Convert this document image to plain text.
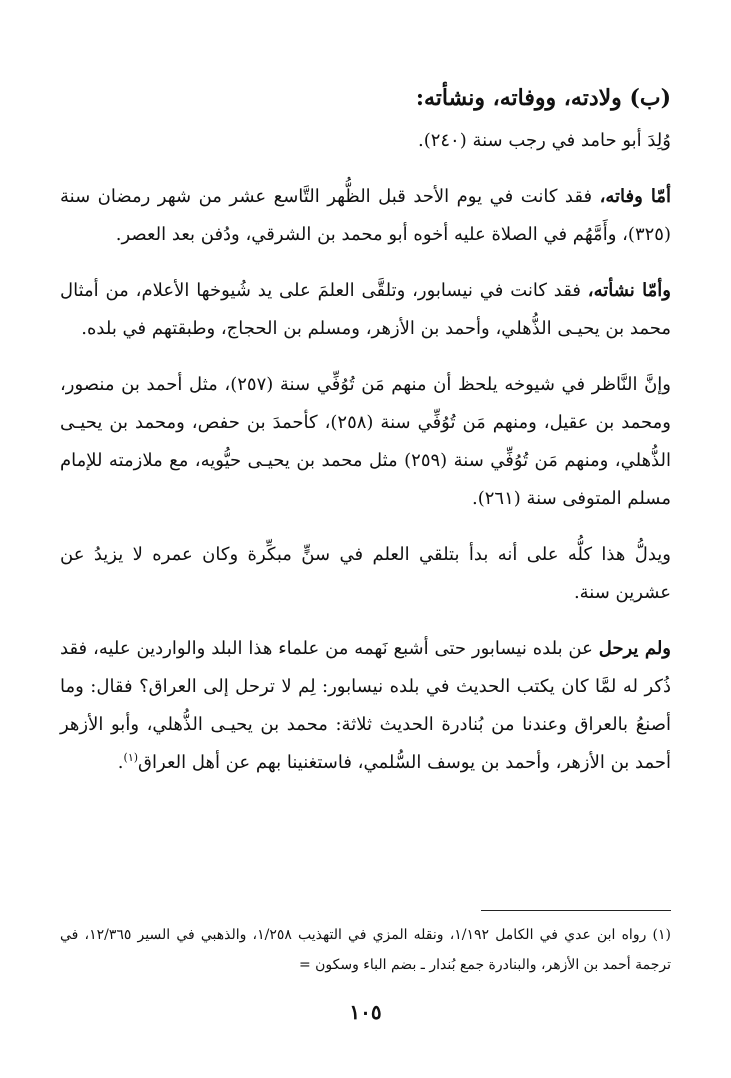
(ب) ولادته، ووفاته، ونشأته:

وُلِدَ أبو حامد في رجب سنة (٢٤٠).

أمّا وفاته، فقد كانت في يوم الأحد قبل الظُّهر التَّاسع عشر من شهر رمضان سنة (٣٢٥)، وأَمَّهُم في الصلاة عليه أخوه أبو محمد بن الشرقي، ودُفن بعد العصر.

وأمّا نشأته، فقد كانت في نيسابور، وتلقَّى العلمَ على يد شُيوخها الأعلام، من أمثال محمد بن يحيـى الذُّهلي، وأحمد بن الأزهر، ومسلم بن الحجاج، وطبقتهم في بلده.

وإنَّ النَّاظر في شيوخه يلحظ أن منهم مَن تُوُفِّي سنة (٢٥٧)، مثل أحمد بن منصور، ومحمد بن عقيل، ومنهم مَن تُوُفِّي سنة (٢٥٨)، كأحمدَ بن حفص، ومحمد بن يحيـى الذُّهلي، ومنهم مَن تُوُفِّي سنة (٢٥٩) مثل محمد بن يحيـى حيُّويه، مع ملازمته للإمام مسلم المتوفى سنة (٢٦١).

ويدلُّ هذا كلُّه على أنه بدأ بتلقي العلم في سنٍّ مبكِّرة وكان عمره لا يزيدُ عن عشرين سنة.

ولم يرحل عن بلده نيسابور حتى أشبع نَهمه من علماء هذا البلد والواردين عليه، فقد ذُكر له لمَّا كان يكتب الحديث في بلده نيسابور: لِم لا ترحل إلى العراق؟ فقال: وما أصنعُ بالعراق وعندنا من بُنادرة الحديث ثلاثة: محمد بن يحيـى الذُّهلي، وأبو الأزهر أحمد بن الأزهر، وأحمد بن يوسف السُّلمي، فاستغنينا بهم عن أهل العراق$^{(١)}$.

(١) رواه ابن عدي في الكامل ١/١٩٢، ونقله المزي في التهذيب ١/٢٥٨، والذهبي في السير ١٢/٣٦٥، في ترجمة أحمد بن الأزهر، والبنادرة جمع بُندار ـ بضم الباء وسكون =
١٠٥
